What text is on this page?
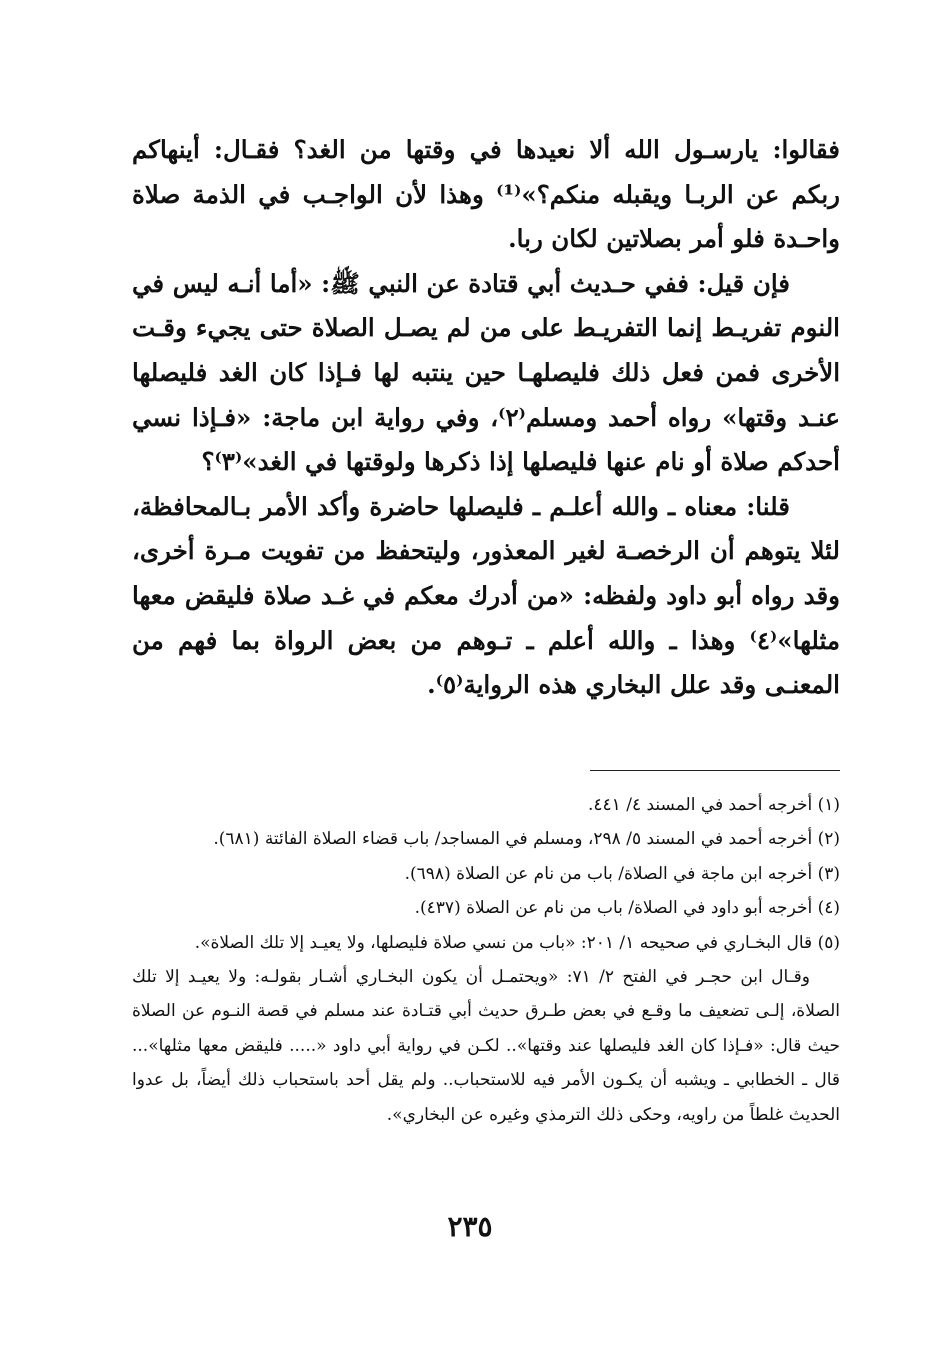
فقالوا: يارسـول الله ألا نعيدها في وقتها من الغد؟ فقـال: أينهاكم ربكم عن الربـا ويقبله منكم؟»⁽¹⁾ وهذا لأن الواجـب في الذمة صلاة واحـدة فلو أمر بصلاتين لكان ربا.

فإن قيل: ففي حـديث أبي قتادة عن النبي ﷺ: «أما أنـه ليس في النوم تفريـط إنما التفريـط على من لم يصـل الصلاة حتى يجيء وقـت الأخرى فمن فعل ذلك فليصلهـا حين ينتبه لها فـإذا كان الغد فليصلها عنـد وقتها» رواه أحمد ومسلم⁽٢⁾، وفي رواية ابن ماجة: «فـإذا نسي أحدكم صلاة أو نام عنها فليصلها إذا ذكرها ولوقتها في الغد»⁽٣⁾؟

قلنا: معناه ـ والله أعلـم ـ فليصلها حاضرة وأكد الأمر بـالمحافظة، لئلا يتوهم أن الرخصـة لغير المعذور، وليتحفظ من تفويت مـرة أخرى، وقد رواه أبو داود ولفظه: «من أدرك معكم في غـد صلاة فليقض معها مثلها»⁽٤⁾ وهذا ـ والله أعلم ـ تـوهم من بعض الرواة بما فهم من المعنـى وقد علل البخاري هذه الرواية⁽٥⁾.

(١) أخرجه أحمد في المسند ٤/ ٤٤١.

(٢) أخرجه أحمد في المسند ٥/ ٢٩٨، ومسلم في المساجد/ باب قضاء الصلاة الفائتة (٦٨١).

(٣) أخرجه ابن ماجة في الصلاة/ باب من نام عن الصلاة (٦٩٨).

(٤) أخرجه أبو داود في الصلاة/ باب من نام عن الصلاة (٤٣٧).

(٥) قال البخـاري في صحيحه ١/ ٢٠١: «باب من نسي صلاة فليصلها، ولا يعيـد إلا تلك الصلاة».

وقـال ابن حجـر في الفتح ٢/ ٧١: «ويحتمـل أن يكون البخـاري أشـار بقولـه: ولا يعيـد إلا تلك الصلاة، إلـى تضعيف ما وقـع في بعض طـرق حديث أبي قتـادة عند مسلم في قصة النـوم عن الصلاة حيث قال: «فـإذا كان الغد فليصلها عند وقتها».. لكـن في رواية أبي داود «..... فليقض معها مثلها»... قال ـ الخطابي ـ ويشبه أن يكـون الأمر فيه للاستحباب.. ولم يقل أحد باستحباب ذلك أيضاً، بل عدوا الحديث غلطاً من راويه، وحكى ذلك الترمذي وغيره عن البخاري».

٢٣٥
